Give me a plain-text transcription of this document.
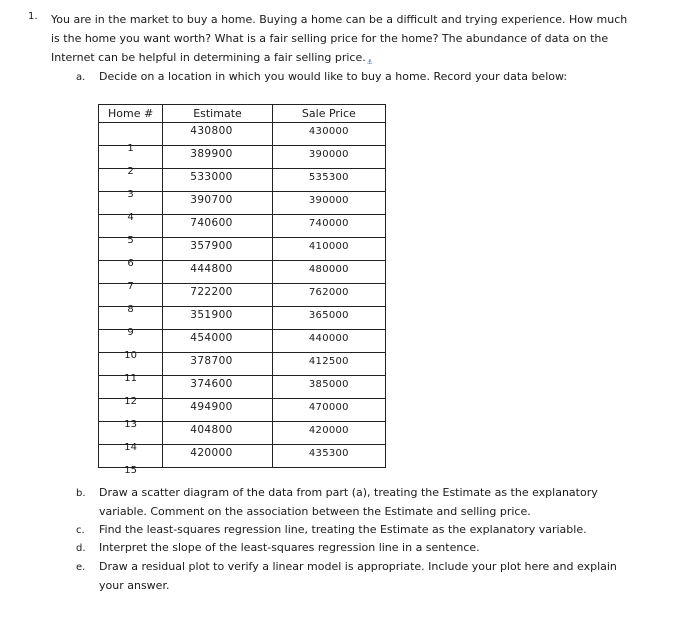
1. You are in the market to buy a home. Buying a home can be a difficult and trying experience. How much
is the home you want worth? What is a fair selling price for the home? The abundance of data on the
Internet can be helpful in determining a fair selling $price._⚓$
a. Decide on a location in which you would like to buy a home. Record your data below:
Home #	Estimate	Sale Price
1	430800	430000
2	389900	390000
3	533000	535300
4	390700	390000
5	740600	740000
6	357900	410000
7	444800	480000
8	722200	762000
9	351900	365000
10	454000	440000
11	378700	412500
12	374600	385000
13	494900	470000
14	404800	420000
15	420000	435300
b. Draw a scatter diagram of the data from part (a), treating the Estimate as the explanatory
variable. Comment on the association between the Estimate and selling price.
c. Find the least-squares regression line, treating the Estimate as the explanatory variable.
d. Interpret the slope of the least-squares regression line in a sentence.
e. Draw a residual plot to verify a linear model is appropriate. Include your plot here and explain
your answer.
